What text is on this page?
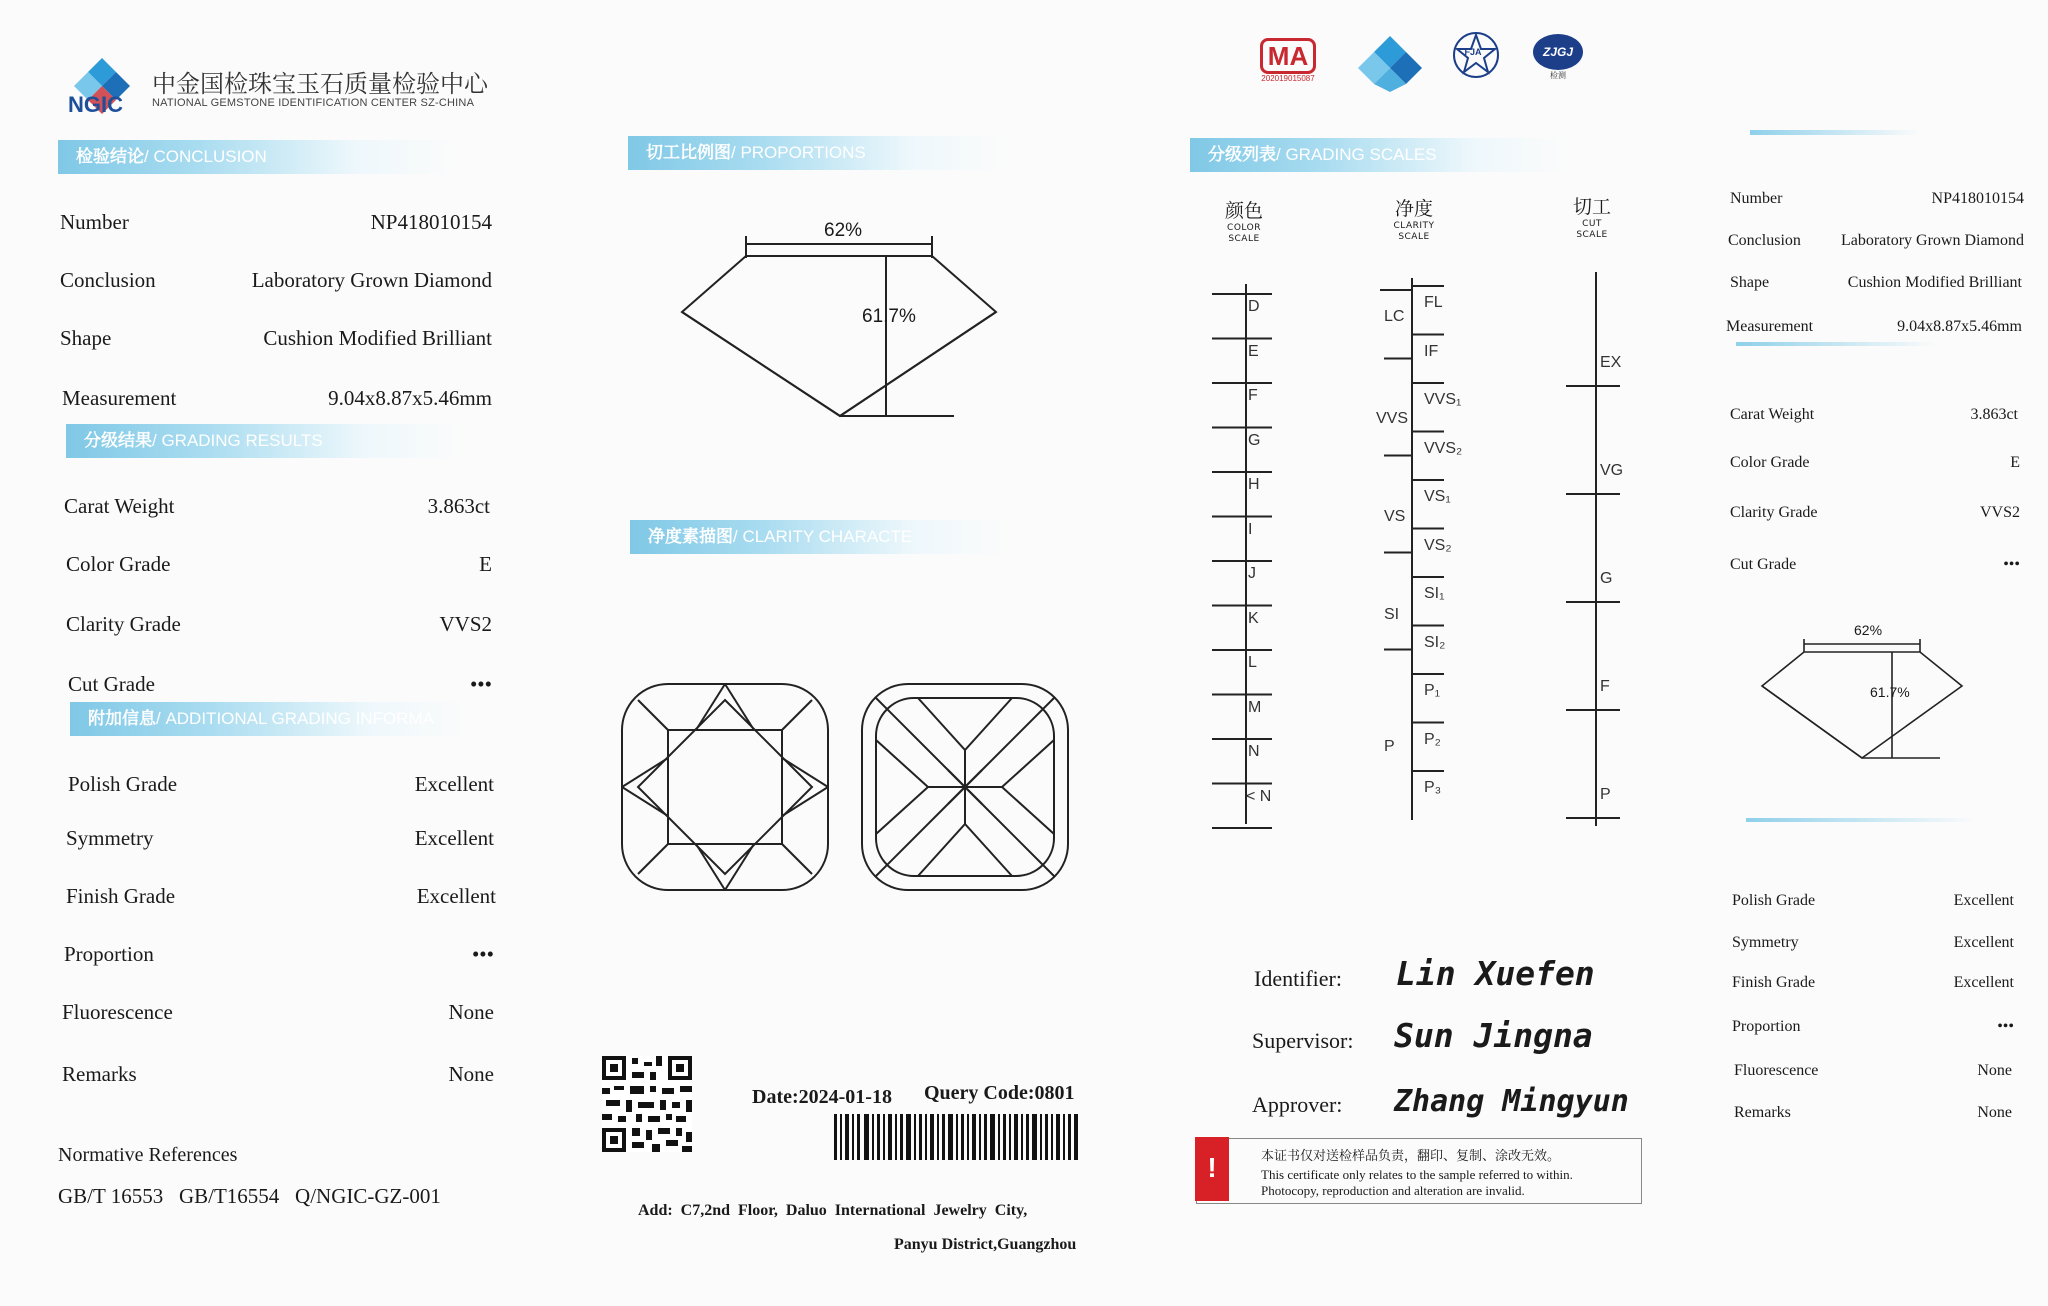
NGIC
中金国检珠宝玉石质量检验中心
NATIONAL GEMSTONE IDENTIFICATION CENTER SZ-CHINA
检验结论/ CONCLUSION
Number	NP418010154
Conclusion	Laboratory Grown Diamond
Shape	Cushion Modified Brilliant
Measurement	9.04x8.87x5.46mm
分级结果/ GRADING RESULTS
Carat Weight	3.863ct
Color Grade	E
Clarity Grade	VVS2
Cut Grade	•••
附加信息/ ADDITIONAL GRADING INFORMA
Polish Grade	Excellent
Symmetry	Excellent
Finish Grade	Excellent
Proportion	•••
Fluorescence	None
Remarks	None
Normative References
GB/T 16553   GB/T16554   Q/NGIC-GZ-001
切工比例图/ PROPORTIONS
62%
61.7%
净度素描图/ CLARITY CHARACTE
Date:2024-01-18 Query Code:0801
Add:  C7,2nd  Floor,  Daluo  International  Jewelry  City,
Panyu District,Guangzhou
MA
202019015087
FJA	ZJGJ
检测
分级列表/ GRADING SCALES
颜色
COLOR
SCALE
净度
CLARITY
SCALE
切工
CUT
SCALE
D
E
F
G
H
I
J
K
L
M
N
< N
FL
IF
VVS₁
VVS₂
VS₁
VS₂
SI₁
SI₂
P₁
P₂
P₃
LC
VVS
VS
SI
P
EX
VG
G
F
P
Identifier: Lin Xuefen
Supervisor: Sun Jingna
Approver: Zhang Mingyun
!	本证书仅对送检样品负责，翻印、复制、涂改无效。
This certificate only relates to the sample referred to within.
Photocopy, reproduction and alteration are invalid.
Number	NP418010154
Conclusion	Laboratory Grown Diamond
Shape	Cushion Modified Brilliant
Measurement	9.04x8.87x5.46mm
Carat Weight	3.863ct
Color Grade	E
Clarity Grade	VVS2
Cut Grade	•••
62%
61.7%
Polish Grade	Excellent
Symmetry	Excellent
Finish Grade	Excellent
Proportion	•••
Fluorescence	None
Remarks	None
